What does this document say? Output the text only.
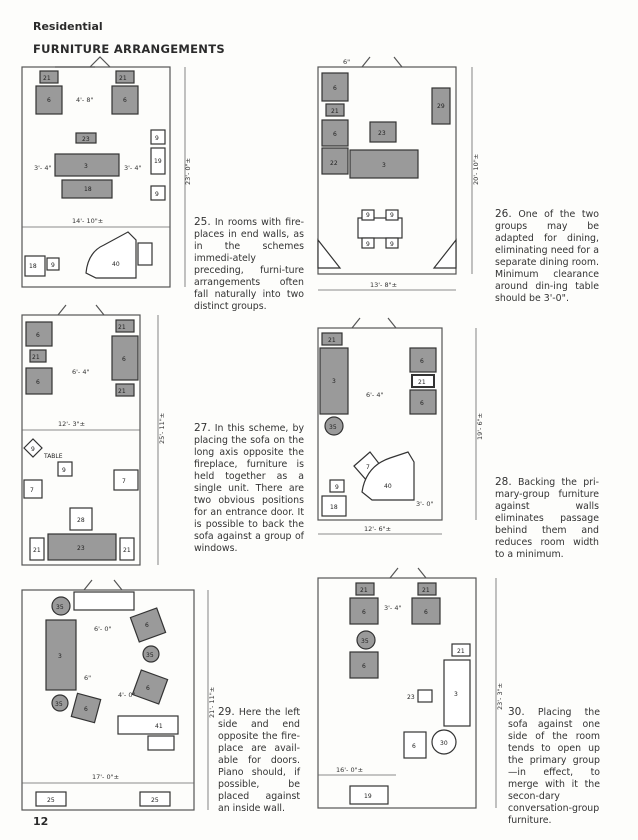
Residential
FURNITURE ARRANGEMENTS
21	21
6	6
23
3
18
9
19
9
18 9	40
4'- 8"
3'- 4"	3'- 4"
14'- 10"±
23'- 0"±
6
21
6
22
23
3
29
9	9
9	9
6"
13'- 8"±
20'- 10"±
6
21
6
21
6
21
9
TABLE
9
7
7
28
21	23	21
6'- 4"
12'- 3"±	25'- 11"±
21
3
6
21
6
35
7
40
9
18
6'- 4"
3'- 0"
12'- 6"±
19'- 6"±
35
6
3	35
6
35
6
41
25	25
6'- 0"
6"
4'- 0"
17'- 0"±
21'- 11"±
21	21
6	6
35
21
6
23	3
6	30
19
3'- 4"
16'- 0"±
23'- 3"±
25. In rooms with fire-places in end walls, as in the schemes immedi-ately preceding, furni-ture arrangements often fall naturally into two distinct groups.
26. One of the two groups may be adapted for dining, eliminating need for a separate dining room. Minimum clearance around din-ing table should be 3'-0".
27. In this scheme, by placing the sofa on the long axis opposite the fireplace, furniture is held together as a single unit. There are two obvious positions for an entrance door. It is possible to back the sofa against a group of windows.
28. Backing the pri-mary-group furniture against walls eliminates passage behind them and reduces room width to a minimum.
29. Here the left side and end opposite the fire-place are avail-able for doors. Piano should, if possible, be placed against an inside wall.
30. Placing the sofa against one side of the room tends to open up the primary group—in effect, to merge with it the secon-dary conversation-group furniture.
12
